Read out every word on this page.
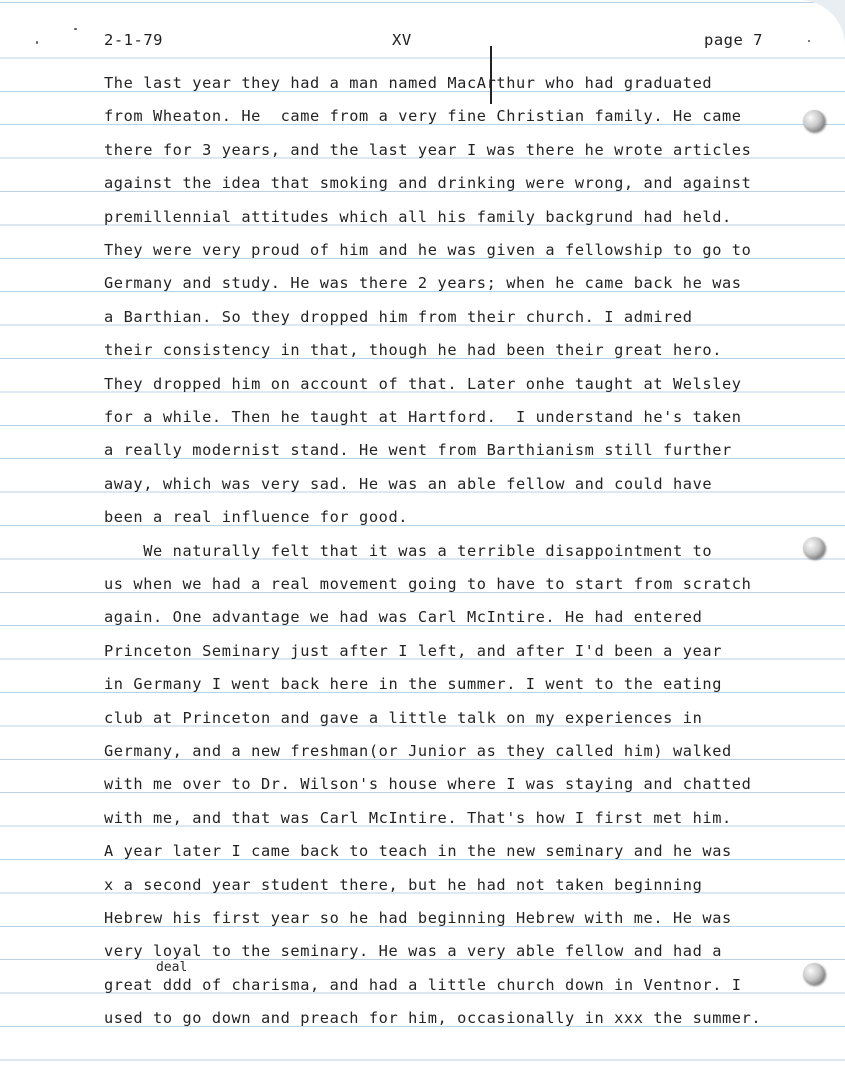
2-1-79	XV	page 7
The last year they had a man named MacArthur who had graduated
from Wheaton. He  came from a very fine Christian family. He came
there for 3 years, and the last year I was there he wrote articles
against the idea that smoking and drinking were wrong, and against
premillennial attitudes which all his family backgrund had held.
They were very proud of him and he was given a fellowship to go to
Germany and study. He was there 2 years; when he came back he was
a Barthian. So they dropped him from their church. I admired
their consistency in that, though he had been their great hero.
They dropped him on account of that. Later onhe taught at Welsley
for a while. Then he taught at Hartford.  I understand he's taken
a really modernist stand. He went from Barthianism still further
away, which was very sad. He was an able fellow and could have
been a real influence for good.
We naturally felt that it was a terrible disappointment to
us when we had a real movement going to have to start from scratch
again. One advantage we had was Carl McIntire. He had entered
Princeton Seminary just after I left, and after I'd been a year
in Germany I went back here in the summer. I went to the eating
club at Princeton and gave a little talk on my experiences in
Germany, and a new freshman(or Junior as they called him) walked
with me over to Dr. Wilson's house where I was staying and chatted
with me, and that was Carl McIntire. That's how I first met him.
A year later I came back to teach in the new seminary and he was
x a second year student there, but he had not taken beginning
Hebrew his first year so he had beginning Hebrew with me. He was
very loyal to the seminary. He was a very able fellow and had a
great ddd of charisma, and had a little church down in Ventnor. I
used to go down and preach for him, occasionally in xxx the summer.
deal
